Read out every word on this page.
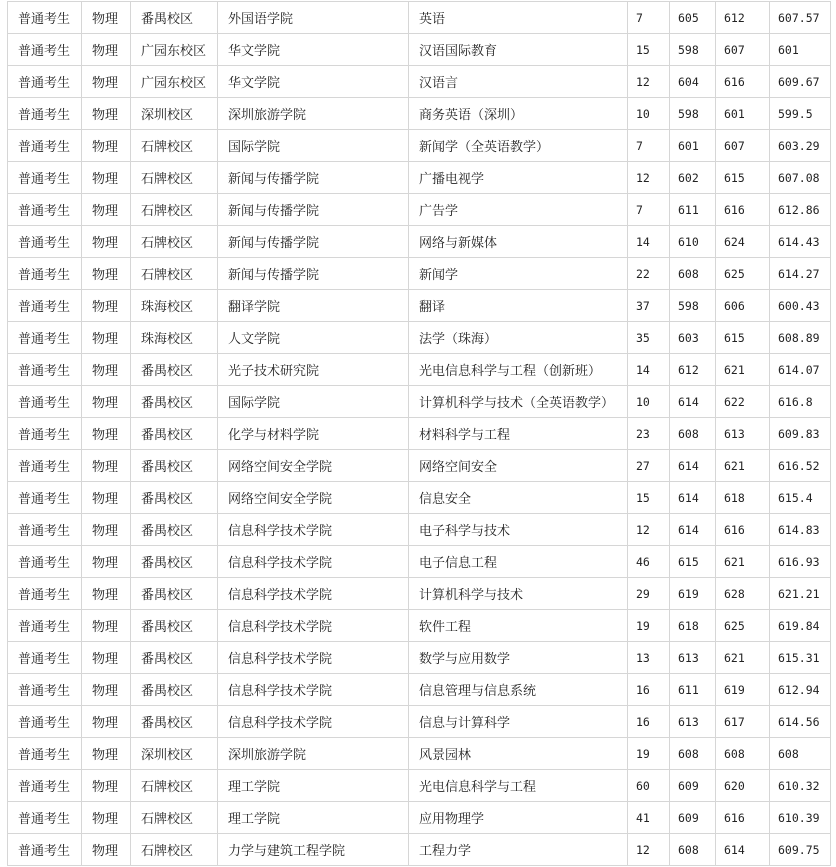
普通考生	物理	番禺校区	外国语学院	英语	7	605	612	607.57
普通考生	物理	广园东校区	华文学院	汉语国际教育	15	598	607	601
普通考生	物理	广园东校区	华文学院	汉语言	12	604	616	609.67
普通考生	物理	深圳校区	深圳旅游学院	商务英语（深圳）	10	598	601	599.5
普通考生	物理	石牌校区	国际学院	新闻学（全英语教学）	7	601	607	603.29
普通考生	物理	石牌校区	新闻与传播学院	广播电视学	12	602	615	607.08
普通考生	物理	石牌校区	新闻与传播学院	广告学	7	611	616	612.86
普通考生	物理	石牌校区	新闻与传播学院	网络与新媒体	14	610	624	614.43
普通考生	物理	石牌校区	新闻与传播学院	新闻学	22	608	625	614.27
普通考生	物理	珠海校区	翻译学院	翻译	37	598	606	600.43
普通考生	物理	珠海校区	人文学院	法学（珠海）	35	603	615	608.89
普通考生	物理	番禺校区	光子技术研究院	光电信息科学与工程（创新班）	14	612	621	614.07
普通考生	物理	番禺校区	国际学院	计算机科学与技术（全英语教学）	10	614	622	616.8
普通考生	物理	番禺校区	化学与材料学院	材料科学与工程	23	608	613	609.83
普通考生	物理	番禺校区	网络空间安全学院	网络空间安全	27	614	621	616.52
普通考生	物理	番禺校区	网络空间安全学院	信息安全	15	614	618	615.4
普通考生	物理	番禺校区	信息科学技术学院	电子科学与技术	12	614	616	614.83
普通考生	物理	番禺校区	信息科学技术学院	电子信息工程	46	615	621	616.93
普通考生	物理	番禺校区	信息科学技术学院	计算机科学与技术	29	619	628	621.21
普通考生	物理	番禺校区	信息科学技术学院	软件工程	19	618	625	619.84
普通考生	物理	番禺校区	信息科学技术学院	数学与应用数学	13	613	621	615.31
普通考生	物理	番禺校区	信息科学技术学院	信息管理与信息系统	16	611	619	612.94
普通考生	物理	番禺校区	信息科学技术学院	信息与计算科学	16	613	617	614.56
普通考生	物理	深圳校区	深圳旅游学院	风景园林	19	608	608	608
普通考生	物理	石牌校区	理工学院	光电信息科学与工程	60	609	620	610.32
普通考生	物理	石牌校区	理工学院	应用物理学	41	609	616	610.39
普通考生	物理	石牌校区	力学与建筑工程学院	工程力学	12	608	614	609.75
